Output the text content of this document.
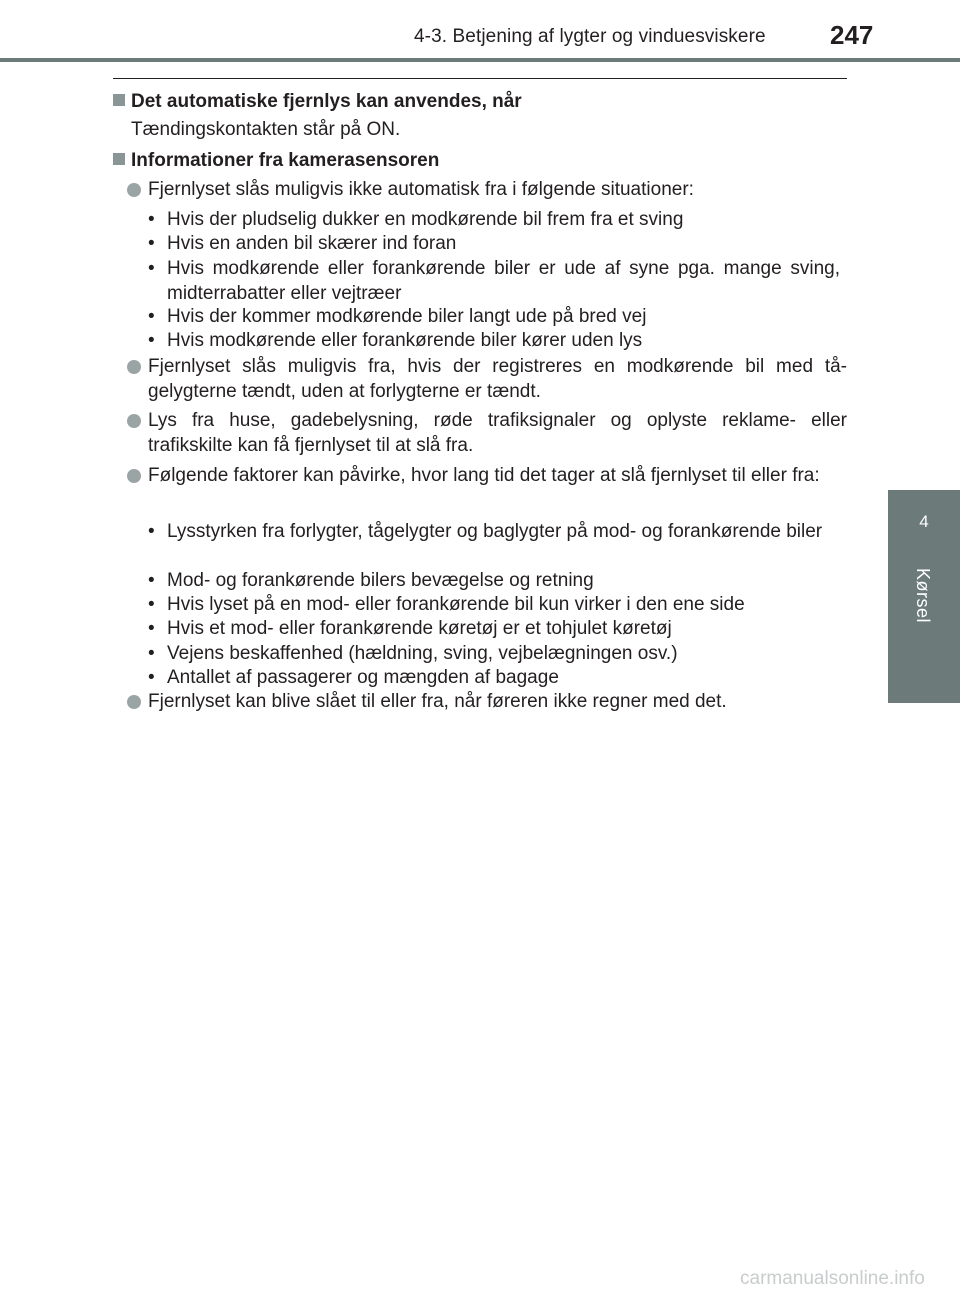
4-3. Betjening af lygter og vinduesviskere 247
4
Kørsel
Det automatiske fjernlys kan anvendes, når
Tændingskontakten står på ON.
Informationer fra kamerasensoren
Fjernlyset slås muligvis ikke automatisk fra i følgende situationer:
• Hvis der pludselig dukker en modkørende bil frem fra et sving
• Hvis en anden bil skærer ind foran
• Hvis modkørende eller forankørende biler er ude af syne pga. mange sving, midterrabatter eller vejtræer
• Hvis der kommer modkørende biler langt ude på bred vej
• Hvis modkørende eller forankørende biler kører uden lys
Fjernlyset slås muligvis fra, hvis der registreres en modkørende bil med tå-gelygterne tændt, uden at forlygterne er tændt.
Lys fra huse, gadebelysning, røde trafiksignaler og oplyste reklame- eller trafikskilte kan få fjernlyset til at slå fra.
Følgende faktorer kan påvirke, hvor lang tid det tager at slå fjernlyset til eller fra:
• Lysstyrken fra forlygter, tågelygter og baglygter på mod- og forankørende biler
• Mod- og forankørende bilers bevægelse og retning
• Hvis lyset på en mod- eller forankørende bil kun virker i den ene side
• Hvis et mod- eller forankørende køretøj er et tohjulet køretøj
• Vejens beskaffenhed (hældning, sving, vejbelægningen osv.)
• Antallet af passagerer og mængden af bagage
Fjernlyset kan blive slået til eller fra, når føreren ikke regner med det.
carmanualsonline.info
